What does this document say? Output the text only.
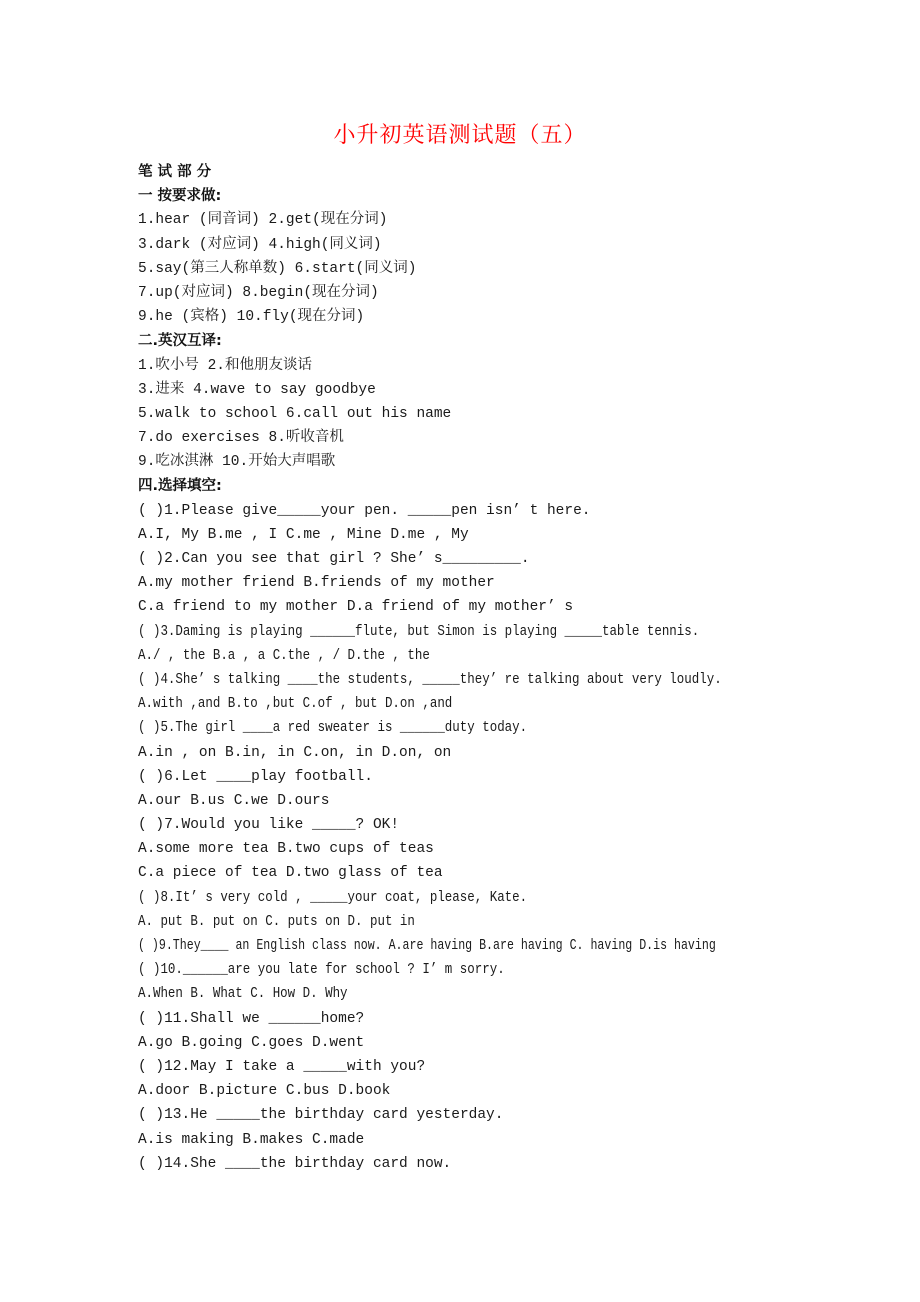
小升初英语测试题（五）
笔 试 部 分
一 按要求做:
1.hear (同音词) 2.get(现在分词)
3.dark (对应词) 4.high(同义词)
5.say(第三人称单数) 6.start(同义词)
7.up(对应词) 8.begin(现在分词)
9.he (宾格) 10.fly(现在分词)
二.英汉互译:
1.吹小号 2.和他朋友谈话
3.进来 4.wave to say goodbye
5.walk to school 6.call out his name
7.do exercises 8.听收音机
9.吃冰淇淋 10.开始大声唱歌
四.选择填空:
( )1.Please give_____your pen. _____pen isn’ t here.
A.I, My B.me , I C.me , Mine D.me , My
( )2.Can you see that girl ? She’ s_________.
A.my mother friend B.friends of my mother
C.a friend to my mother D.a friend of my mother’ s
( )3.Daming is playing ______flute, but Simon is playing _____table tennis.
A./ , the B.a , a C.the , / D.the , the
( )4.She’ s talking ____the students, _____they’ re talking about very loudly.
A.with ,and B.to ,but C.of , but D.on ,and
( )5.The girl ____a red sweater is ______duty today.
A.in , on B.in, in C.on, in D.on, on
( )6.Let ____play football.
A.our B.us C.we D.ours
( )7.Would you like _____? OK!
A.some more tea B.two cups of teas
C.a piece of tea D.two glass of tea
( )8.It’ s very cold , _____your coat, please, Kate.
A. put B. put on C. puts on D. put in
( )9.They____ an English class now. A.are having B.are having C. having D.is having
( )10.______are you late for school ? I’ m sorry.
A.When B. What C. How D. Why
( )11.Shall we ______home?
A.go B.going C.goes D.went
( )12.May I take a _____with you?
A.door B.picture C.bus D.book
( )13.He _____the birthday card yesterday.
A.is making B.makes C.made
( )14.She ____the birthday card now.
